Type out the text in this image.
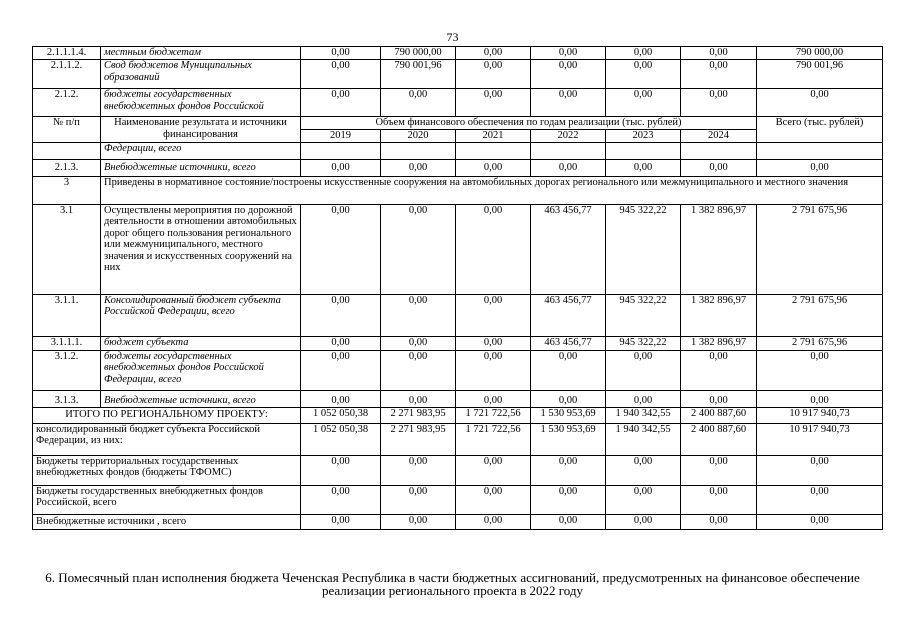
73
2.1.1.1.4.	местным бюджетам	0,00	790 000,00	0,00	0,00	0,00	0,00	790 000,00
2.1.1.2.	Свод бюджетов Муниципальных образований	0,00	790 001,96	0,00	0,00	0,00	0,00	790 001,96
2.1.2.	бюджеты государственных внебюджетных фондов Российской	0,00	0,00	0,00	0,00	0,00	0,00	0,00
№ п/п	Наименование результата и источники финансирования	Объем финансового обеспечения по годам реализации (тыс. рублей)						Всего (тыс. рублей)
		2019	2020	2021	2022	2023	2024	
	Федерации, всего							
2.1.3.	Внебюджетные источники, всего	0,00	0,00	0,00	0,00	0,00	0,00	0,00
3	Приведены в нормативное состояние/построены искусственные сооружения на автомобильных дорогах регионального или межмуниципального и местного значения							
3.1	Осуществлены мероприятия по дорожной деятельности в отношении автомобильных дорог общего пользования регионального или межмуниципального, местного значения и искусственных сооружений на них	0,00	0,00	0,00	463 456,77	945 322,22	1 382 896,97	2 791 675,96
3.1.1.	Консолидированный бюджет субъекта Российской Федерации, всего	0,00	0,00	0,00	463 456,77	945 322,22	1 382 896,97	2 791 675,96
3.1.1.1.	бюджет субъекта	0,00	0,00	0,00	463 456,77	945 322,22	1 382 896,97	2 791 675,96
3.1.2.	бюджеты государственных внебюджетных фондов Российской Федерации, всего	0,00	0,00	0,00	0,00	0,00	0,00	0,00
3.1.3.	Внебюджетные источники, всего	0,00	0,00	0,00	0,00	0,00	0,00	0,00
ИТОГО ПО РЕГИОНАЛЬНОМУ ПРОЕКТУ:		1 052 050,38	2 271 983,95	1 721 722,56	1 530 953,69	1 940 342,55	2 400 887,60	10 917 940,73
консолидированный бюджет субъекта Российской Федерации, из них:		1 052 050,38	2 271 983,95	1 721 722,56	1 530 953,69	1 940 342,55	2 400 887,60	10 917 940,73
Бюджеты территориальных государственных внебюджетных фондов (бюджеты ТФОМС)		0,00	0,00	0,00	0,00	0,00	0,00	0,00
Бюджеты государственных внебюджетных фондов Российской, всего		0,00	0,00	0,00	0,00	0,00	0,00	0,00
Внебюджетные источники , всего		0,00	0,00	0,00	0,00	0,00	0,00	0,00
6. Помесячный план исполнения бюджета Чеченская Республика в части бюджетных ассигнований, предусмотренных на финансовое обеспечение реализации регионального проекта в 2022 году
